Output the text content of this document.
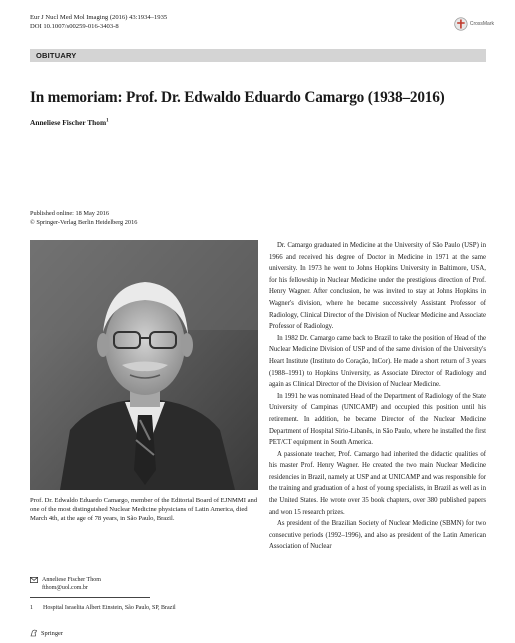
Eur J Nucl Med Mol Imaging (2016) 43:1934–1935
DOI 10.1007/s00259-016-3403-8	CrossMark
OBITUARY
In memoriam: Prof. Dr. Edwaldo Eduardo Camargo (1938–2016)
Anneliese Fischer Thom$^1$
Published online: 18 May 2016
© Springer-Verlag Berlin Heidelberg 2016
Prof. Dr. Edwaldo Eduardo Camargo, member of the Editorial Board of EJNMMI and one of the most distinguished Nuclear Medicine physicians of Latin America, died March 4th, at the age of 78 years, in São Paulo, Brazil.
Anneliese Fischer Thom
fthom@uol.com.br
1 Hospital Israelita Albert Einstein, São Paulo, SP, Brazil
Springer

Dr. Camargo graduated in Medicine at the University of São Paulo (USP) in 1966 and received his degree of Doctor in Medicine in 1971 at the same university. In 1973 he went to Johns Hopkins University in Baltimore, USA, for his fellowship in Nuclear Medicine under the prestigious direction of Prof. Henry Wagner. After conclusion, he was invited to stay at Johns Hopkins in Wagner's division, where he became successively Assistant Professor of Radiology, Clinical Director of the Division of Nuclear Medicine and Associate Professor of Radiology.

In 1982 Dr. Camargo came back to Brazil to take the position of Head of the Nuclear Medicine Division of USP and of the same division of the University's Heart Institute (Instituto do Coração, InCor). He made a short return of 3 years (1988–1991) to Hopkins University, as Associate Director of Radiology and again as Clinical Director of the Division of Nuclear Medicine.

In 1991 he was nominated Head of the Department of Radiology of the State University of Campinas (UNICAMP) and occupied this position until his retirement. In addition, he became Director of the Nuclear Medicine Department of Hospital Sírio-Libanês, in São Paulo, where he installed the first PET/CT equipment in South America.

A passionate teacher, Prof. Camargo had inherited the didactic qualities of his master Prof. Henry Wagner. He created the two main Nuclear Medicine residencies in Brazil, namely at USP and at UNICAMP and was responsible for the training and graduation of a host of young specialists, in Brazil as well as in the United States. He wrote over 35 book chapters, over 380 published papers and won 15 research prizes.

As president of the Brazilian Society of Nuclear Medicine (SBMN) for two consecutive periods (1992–1996), and also as president of the Latin American Association of Nuclear
